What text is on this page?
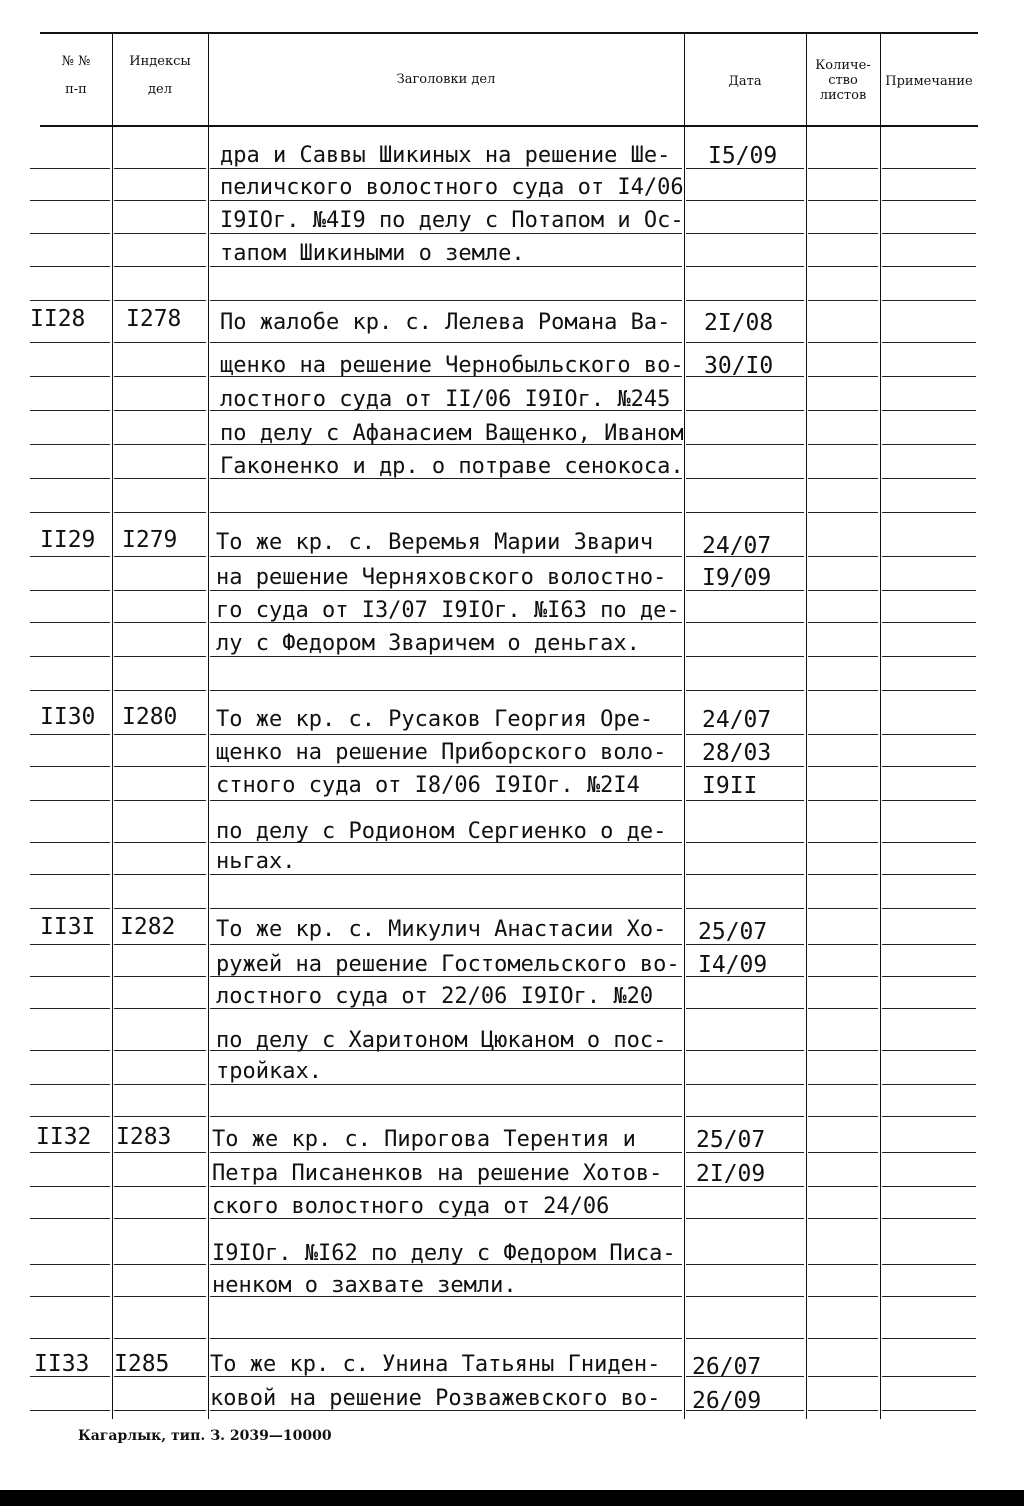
№ №
п-п
Индексы
дел
Заголовки дел	Дата
Количе-
ство
листов
Примечание
дра и Саввы Шикиных на решение Ше-
пеличского волостного суда от I4/06
I9IОг. №4I9 по делу с Потапом и Ос-
тапом Шикиными о земле.
I5/09
II28 I278 По жалобе кр. с. Лелева Романа Ва-
щенко на решение Чернобыльского во-
лостного суда от II/06 I9IОг. №245
по делу с Афанасием Ващенко, Иваном
Гаконенко и др. о потраве сенокоса.
2I/08
30/I0
II29 I279 То же кр. с. Веремья Марии Зварич
на решение Черняховского волостно-
го суда от I3/07 I9IОг. №I63 по де-
лу с Федором Зваричем о деньгах.
24/07
I9/09
II30 I280 То же кр. с. Русаков Георгия Оре-
щенко на решение Приборского воло-
стного суда от I8/06 I9IОг. №2I4
по делу с Родионом Сергиенко о де-
ньгах.
24/07
28/03
I9II
II3I I282 То же кр. с. Микулич Анастасии Хо-
ружей на решение Гостомельского во-
лостного суда от 22/06 I9IОг. №20
по делу с Харитоном Цюканом о пос-
тройках.
25/07
I4/09
II32 I283 То же кр. с. Пирогова Терентия и
Петра Писаненков на решение Хотов-
ского волостного суда от 24/06
I9IОг. №I62 по делу с Федором Писа-
ненком о захвате земли.
25/07
2I/09
II33 I285 То же кр. с. Унина Татьяны Гниден-
ковой на решение Розважевского во-
26/07
26/09
Кагарлык, тип. З. 2039—10000
